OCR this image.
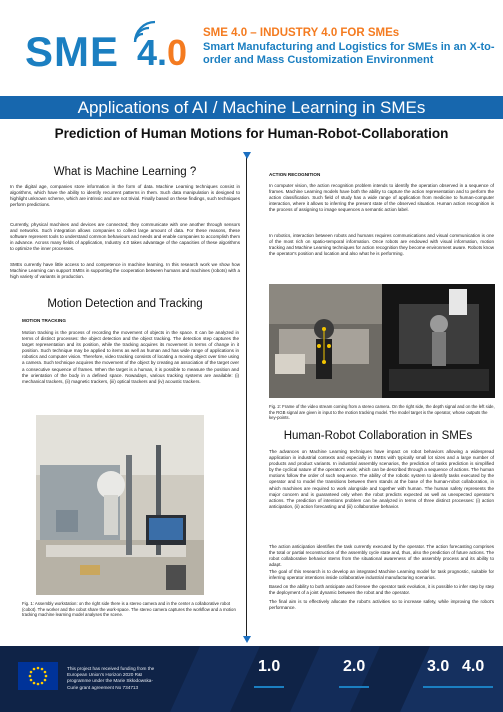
SME 4.0 SME 4.0 – INDUSTRY 4.0 FOR SMEs
Smart Manufacturing and Logistics for SMEs in an X-to-order and Mass Customization Environment
Applications of AI / Machine Learning in SMEs
Prediction of Human Motions for Human-Robot-Collaboration
What is Machine Learning ?
In the digital age, companies store information in the form of data. Machine Learning techniques consist in algorithms, which have the ability to identify recurrent patterns in them. Such data manipulation is designed to highlight unknown scheme, which are intrinsic and are not trivial. Finally based on these findings, such techniques perform predictions.
Currently, physical machines and devices are connected; they communicate with one another through sensors and networks. Such integration allows companies to collect large amount of data. For these reasons, these software represent tools to understand common behaviours and needs and enable companies to accomplish them in advance. Across many fields of application, Industry 4.0 takes advantage of the capacities of these algorithms to optimize the inner processes.
SMEs currently have little access to and competence in machine learning. In this research work we show how Machine Learning can support SMEs in supporting the cooperation between humans and machines (robots) with a high variety of variants in production.
Motion Detection and Tracking
MOTION TRACKING
Motion tracking is the process of recording the movement of objects in the space. It can be analyzed in terms of distinct processes: the object detection and the object tracking. The detection step captures the target representation and its position, while the tracking acquires its movement in terms of change in it position. Such technique may be applied to items as well as human and has wide range of applications in robotics and computer vision. Therefore, video tracking consists of locating a moving object over time using a camera. Such technique acquires the movement of the object by creating an association of the target over a consecutive sequence of frames. When the target is a human, it is possible to measure the position and the orientation of the body in a defined space. Nowadays, various tracking systems are available: (i) mechanical trackers, (ii) magnetic trackers, (iii) optical trackers and (iv) acoustic trackers.
Fig. 1: Assembly workstation: on the right side there is a stereo camera and in the center a collaborative robot (cobot). The worker and the cobot share the work-space. The stereo camera captures the workflow and a motion tracking machine learning model analyses the scene.
ACTION RECOGNITION
In computer vision, the action recognition problem intends to identify the operation observed in a sequence of frames. Machine Learning models have both the ability to capture the action representation and to perform the action classification. Such field of study has a wide range of application from medicine to human-computer interaction, where it allows to inferring the present state of the observed situation. Human action recognition is the process of assigning to image sequences a semantic action label.
In robotics, interaction between robots and humans requires communications and visual communication is one of the most rich on spatio-temporal information. Once robots are endowed with visual information, motion tracking and Machine Learning techniques for action recognition they become environment aware. Robots know the operator's position and location and also what he is performing.
Fig. 2: Frame of the video stream coming from a stereo camera. On the right side, the depth signal and on the left side, the RGB signal are given in input to the motion tracking model. The model target is the operator, whose outputs the key-points.
Human-Robot Collaboration in SMEs
The advances on Machine Learning techniques have impact on robot behaviors allowing a widespread application in industrial contexts and especially in SMEs with typically small lot sizes and a large number of products and product variants. In industrial assembly scenarios, the prediction of tasks prediction is simplified by the cyclical nature of the operator's work; which can be described through a sequence of actions. The human motions follow the order of such sequence. The ability of the robotic system to identify tasks executed by the operator and to model the transitions between them stands at the base of the human-robot collaboration, in which machines are required to work alongside and together with human. The human safety represents the major concern and is guaranteed only when the robot predicts expected as well as unexpected operator's actions. The prediction of intentions problem can be analyzed in terms of three distinct processes: (i) action anticipation, (ii) action forecasting and (iii) collaborative behavior.
The action anticipation identifies the task currently executed by the operator. The action forecasting comprises the total or partial reconstruction of the assembly cycle state and, thus, also the prediction of future actions. The robot collaborative behavior stems from the situational awareness of the assembly process and its ability to adapt.
The goal of this research is to develop an integrated Machine Learning model for task prognostic, suitable for inferring operator intentions inside collaborative industrial manufacturing scenarios.
Based on the ability to both anticipate and foresee the operator task evolution, it is possible to infer step by step the deployment of a joint dynamic between the robot and the operator.
The final aim is to effectively allocate the robot's activities so to increase safety, while improving the robot's performance.
This project has received funding from the European Union's Horizon 2020 R&I programme under the Marie Skłodowska-Curie grant agreement No 734713
1.0	2.0	3.0 4.0
